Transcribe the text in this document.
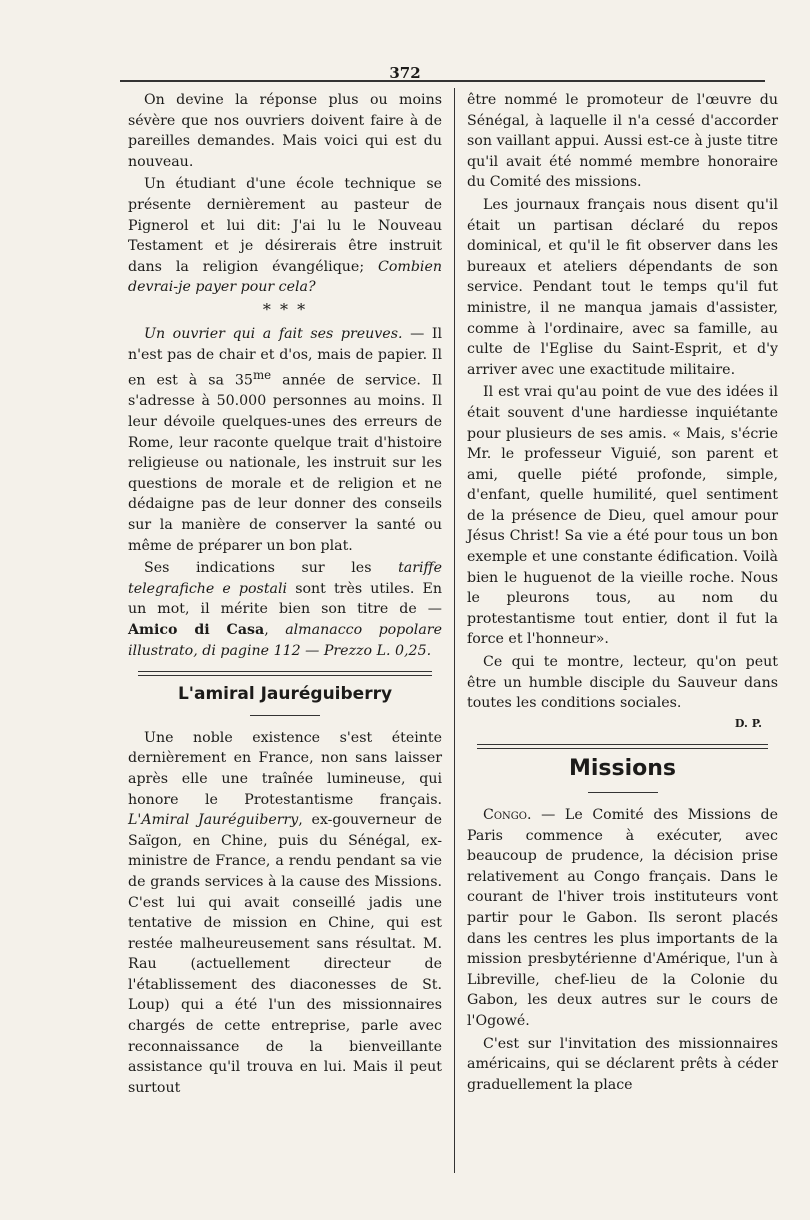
372

On devine la réponse plus ou moins sévère que nos ouvriers doivent faire à de pareilles demandes. Mais voici qui est du nouveau.

Un étudiant d'une école technique se présente dernièrement au pasteur de Pignerol et lui dit: J'ai lu le Nouveau Testament et je désirerais être instruit dans la religion évangélique; Combien devrai-je payer pour cela?

* * *

Un ouvrier qui a fait ses preuves. — Il n'est pas de chair et d'os, mais de papier. Il en est à sa $35^{me}$ année de service. Il s'adresse à 50.000 personnes au moins. Il leur dévoile quelques-unes des erreurs de Rome, leur raconte quelque trait d'histoire religieuse ou nationale, les instruit sur les questions de morale et de religion et ne dédaigne pas de leur donner des conseils sur la manière de conserver la santé ou même de préparer un bon plat.

Ses indications sur les tariffe telegrafiche e postali sont très utiles. En un mot, il mérite bien son titre de — Amico di Casa, almanacco popolare illustrato, di pagine 112 — Prezzo L. 0,25.

L'amiral Jauréguiberry

Une noble existence s'est éteinte dernièrement en France, non sans laisser après elle une traînée lumineuse, qui honore le Protestantisme français. L'Amiral Jauréguiberry, ex-gouverneur de Saïgon, en Chine, puis du Sénégal, ex-ministre de France, a rendu pendant sa vie de grands services à la cause des Missions. C'est lui qui avait conseillé jadis une tentative de mission en Chine, qui est restée malheureusement sans résultat. M. Rau (actuellement directeur de l'établissement des diaconesses de St. Loup) qui a été l'un des missionnaires chargés de cette entreprise, parle avec reconnaissance de la bienveillante assistance qu'il trouva en lui. Mais il peut surtout

être nommé le promoteur de l'œuvre du Sénégal, à laquelle il n'a cessé d'accorder son vaillant appui. Aussi est-ce à juste titre qu'il avait été nommé membre honoraire du Comité des missions.

Les journaux français nous disent qu'il était un partisan déclaré du repos dominical, et qu'il le fit observer dans les bureaux et ateliers dépendants de son service. Pendant tout le temps qu'il fut ministre, il ne manqua jamais d'assister, comme à l'ordinaire, avec sa famille, au culte de l'Eglise du Saint-Esprit, et d'y arriver avec une exactitude militaire.

Il est vrai qu'au point de vue des idées il était souvent d'une hardiesse inquiétante pour plusieurs de ses amis. « Mais, s'écrie Mr. le professeur Viguié, son parent et ami, quelle piété profonde, simple, d'enfant, quelle humilité, quel sentiment de la présence de Dieu, quel amour pour Jésus Christ! Sa vie a été pour tous un bon exemple et une constante édification. Voilà bien le huguenot de la vieille roche. Nous le pleurons tous, au nom du protestantisme tout entier, dont il fut la force et l'honneur».

Ce qui te montre, lecteur, qu'on peut être un humble disciple du Sauveur dans toutes les conditions sociales.

D. P.
Missions

Congo. — Le Comité des Missions de Paris commence à exécuter, avec beaucoup de prudence, la décision prise relativement au Congo français. Dans le courant de l'hiver trois instituteurs vont partir pour le Gabon. Ils seront placés dans les centres les plus importants de la mission presbytérienne d'Amérique, l'un à Libreville, chef-lieu de la Colonie du Gabon, les deux autres sur le cours de l'Ogowé.

C'est sur l'invitation des missionnaires américains, qui se déclarent prêts à céder graduellement la place
